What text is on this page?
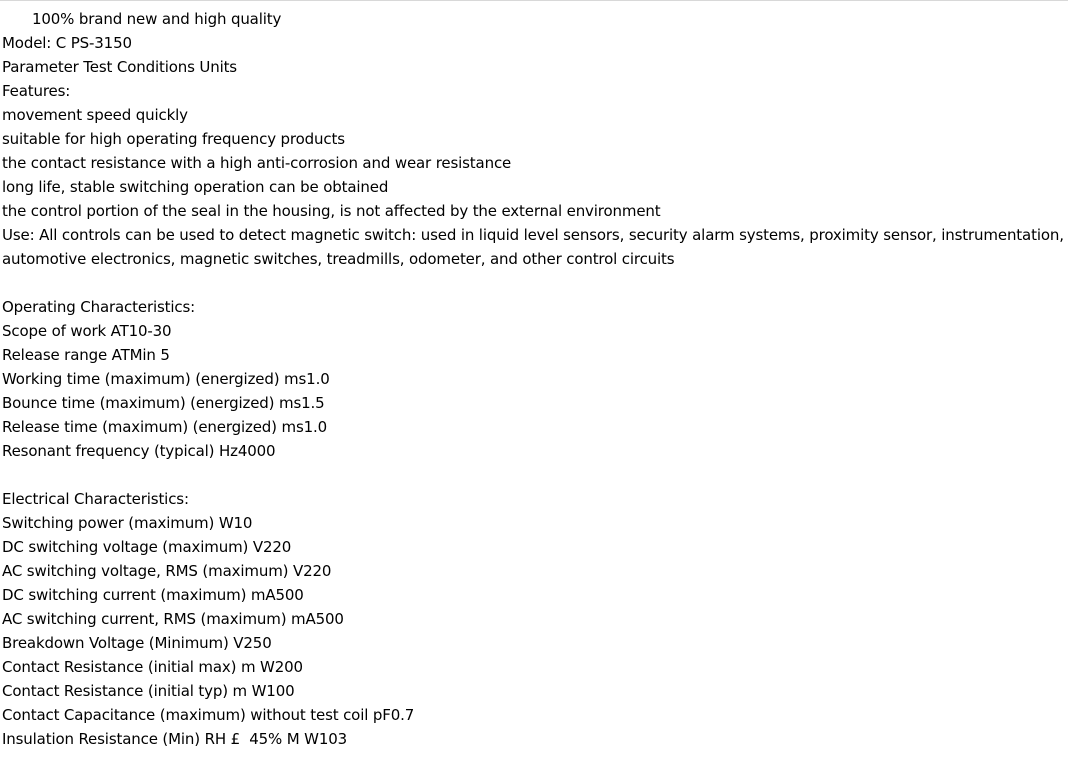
100% brand new and high quality
Model: C PS-3150
Parameter Test Conditions Units
Features:
movement speed quickly
suitable for high operating frequency products
the contact resistance with a high anti-corrosion and wear resistance
long life, stable switching operation can be obtained
the control portion of the seal in the housing, is not affected by the external environment
Use: All controls can be used to detect magnetic switch: used in liquid level sensors, security alarm systems, proximity sensor, instrumentation,
automotive electronics, magnetic switches, treadmills, odometer, and other control circuits
Operating Characteristics:
Scope of work AT10-30
Release range ATMin 5
Working time (maximum) (energized) ms1.0
Bounce time (maximum) (energized) ms1.5
Release time (maximum) (energized) ms1.0
Resonant frequency (typical) Hz4000
Electrical Characteristics:
Switching power (maximum) W10
DC switching voltage (maximum) V220
AC switching voltage, RMS (maximum) V220
DC switching current (maximum) mA500
AC switching current, RMS (maximum) mA500
Breakdown Voltage (Minimum) V250
Contact Resistance (initial max) m W200
Contact Resistance (initial typ) m W100
Contact Capacitance (maximum) without test coil pF0.7
Insulation Resistance (Min) RH £  45% M W103
